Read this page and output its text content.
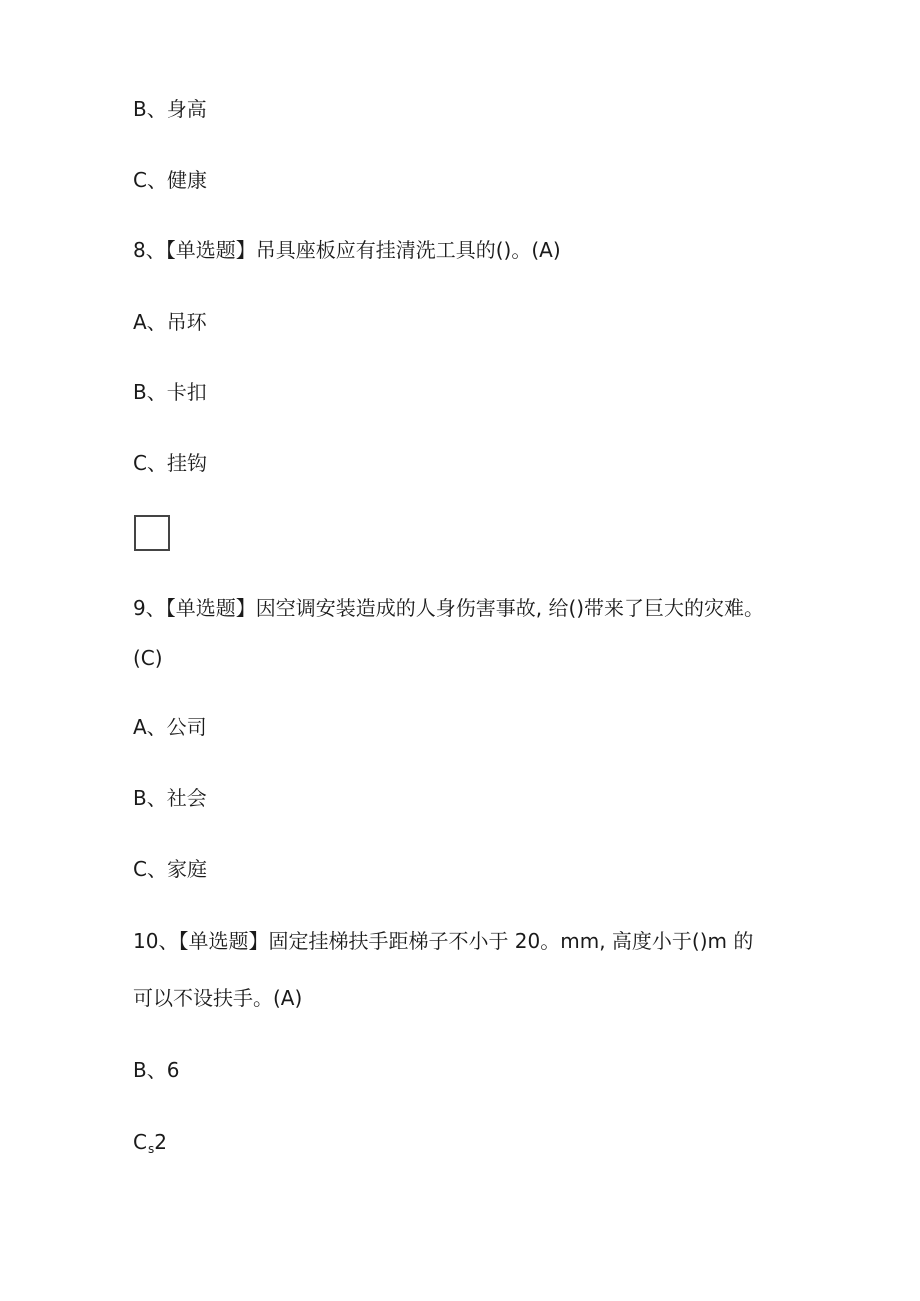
B、身高
C、健康
8、【单选题】吊具座板应有挂清洗工具的()。(A)
A、吊环
B、卡扣
C、挂钩
9、【单选题】因空调安装造成的人身伤害事故, 给()带来了巨大的灾难。
(C)
A、公司
B、社会
C、家庭
10、【单选题】固定挂梯扶手距梯子不小于 20。mm, 高度小于()m 的
可以不设扶手。(A)
B、6
$C_s2$
